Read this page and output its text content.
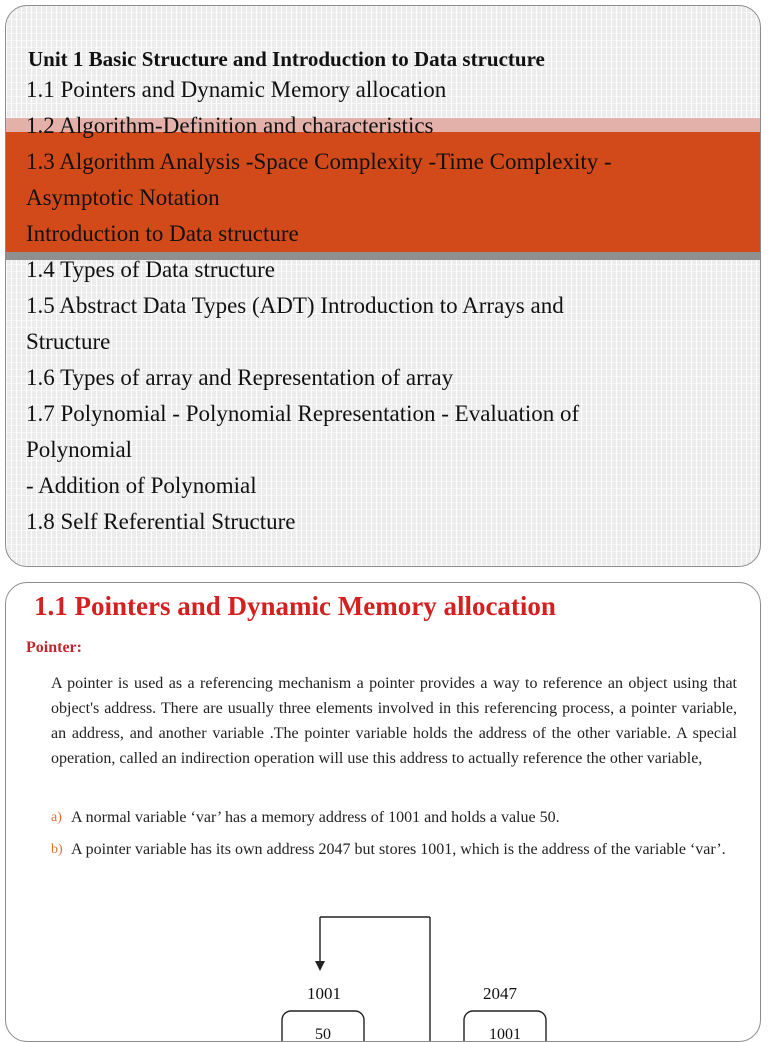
Unit 1 Basic Structure and Introduction to Data structure

1.1 Pointers and Dynamic Memory allocation

1.2 Algorithm-Definition and characteristics

1.3 Algorithm Analysis -Space Complexity -Time Complexity -

Asymptotic Notation

Introduction to Data structure

1.4 Types of Data structure

1.5 Abstract Data Types (ADT) Introduction to Arrays and

Structure

1.6 Types of array and Representation of array

1.7 Polynomial - Polynomial Representation - Evaluation of

Polynomial

- Addition of Polynomial

1.8 Self Referential Structure

1.1 Pointers and Dynamic Memory allocation
Pointer:

A pointer is used as a referencing mechanism a pointer provides a way to reference an object using that object's address. There are usually three elements involved in this referencing process, a pointer variable, an address, and another variable .The pointer variable holds the address of the other variable. A special operation, called an indirection operation will use this address to actually reference the other variable,

a) A normal variable ‘var’ has a memory address of 1001 and holds a value 50.

b) A pointer variable has its own address 2047 but stores 1001, which is the address of the variable ‘var’.

1001	2047
50	1001
